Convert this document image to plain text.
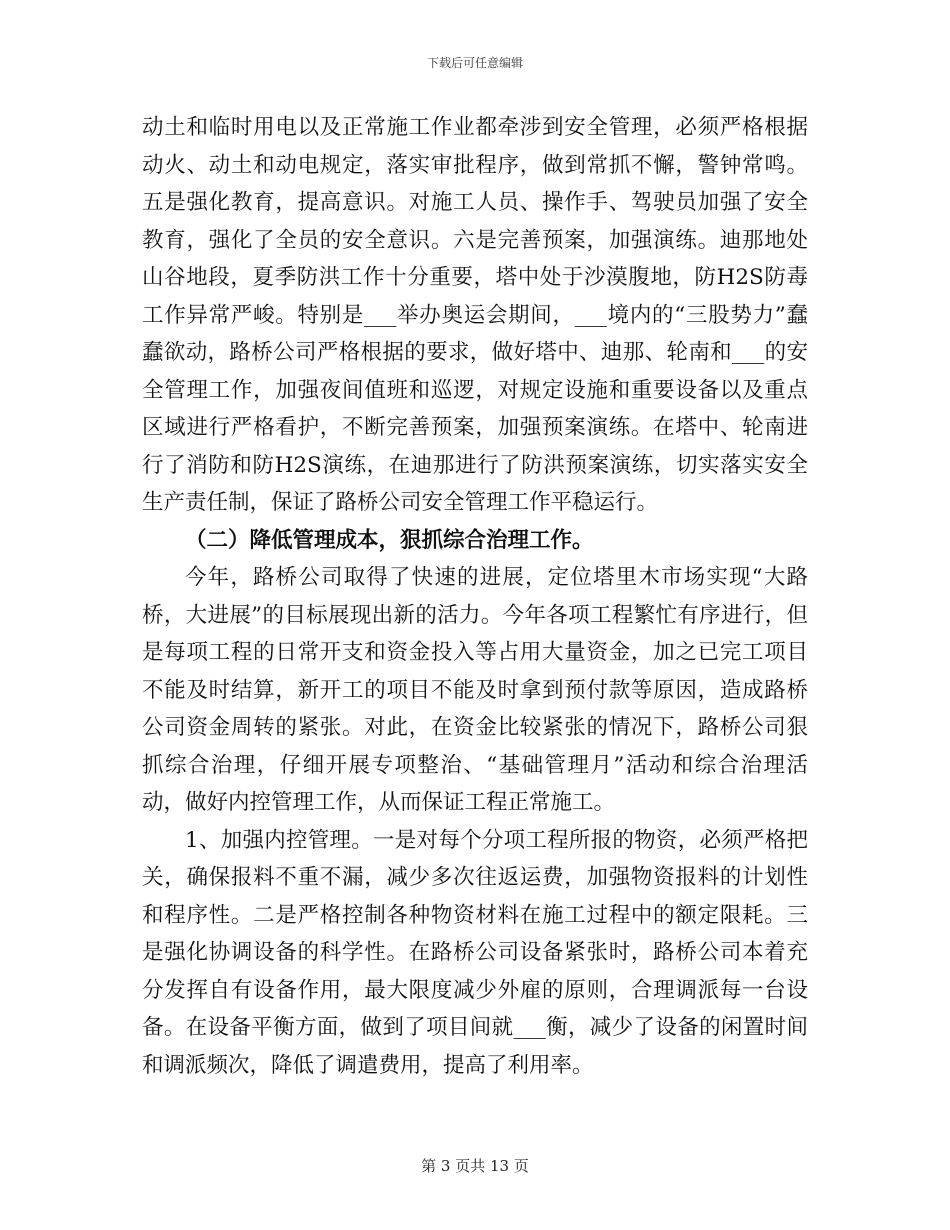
下载后可任意编辑

动土和临时用电以及正常施工作业都牵涉到安全管理，必须严格根据动火、动土和动电规定，落实审批程序，做到常抓不懈，警钟常鸣。五是强化教育，提高意识。对施工人员、操作手、驾驶员加强了安全教育，强化了全员的安全意识。六是完善预案，加强演练。迪那地处山谷地段，夏季防洪工作十分重要，塔中处于沙漠腹地，防H2S防毒工作异常严峻。特别是___举办奥运会期间，___境内的“三股势力”蠢蠢欲动，路桥公司严格根据的要求，做好塔中、迪那、轮南和___的安全管理工作，加强夜间值班和巡逻，对规定设施和重要设备以及重点区域进行严格看护，不断完善预案，加强预案演练。在塔中、轮南进行了消防和防H2S演练，在迪那进行了防洪预案演练，切实落实安全生产责任制，保证了路桥公司安全管理工作平稳运行。

（二）降低管理成本，狠抓综合治理工作。

今年，路桥公司取得了快速的进展，定位塔里木市场实现“大路桥，大进展”的目标展现出新的活力。今年各项工程繁忙有序进行，但是每项工程的日常开支和资金投入等占用大量资金，加之已完工项目不能及时结算，新开工的项目不能及时拿到预付款等原因，造成路桥公司资金周转的紧张。对此，在资金比较紧张的情况下，路桥公司狠抓综合治理，仔细开展专项整治、“基础管理月”活动和综合治理活动，做好内控管理工作，从而保证工程正常施工。

1、加强内控管理。一是对每个分项工程所报的物资，必须严格把关，确保报料不重不漏，减少多次往返运费，加强物资报料的计划性和程序性。二是严格控制各种物资材料在施工过程中的额定限耗。三是强化协调设备的科学性。在路桥公司设备紧张时，路桥公司本着充分发挥自有设备作用，最大限度减少外雇的原则，合理调派每一台设备。在设备平衡方面，做到了项目间就___衡，减少了设备的闲置时间和调派频次，降低了调遣费用，提高了利用率。

第 3 页共 13 页
